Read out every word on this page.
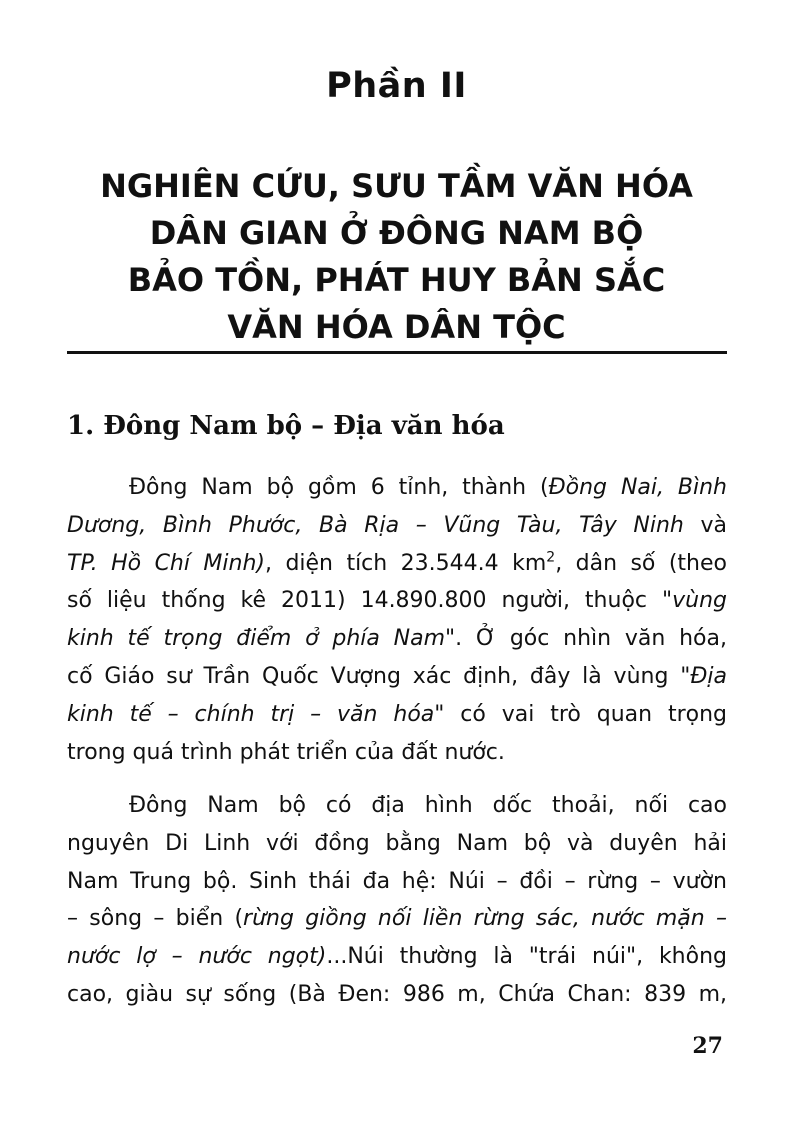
Phần II
NGHIÊN CỨU, SƯU TẦM VĂN HÓA
DÂN GIAN Ở ĐÔNG NAM BỘ
BẢO TỒN, PHÁT HUY BẢN SẮC
VĂN HÓA DÂN TỘC
1. Đông Nam bộ – Địa văn hóa
Đông Nam bộ gồm 6 tỉnh, thành (Đồng Nai, Bình
Dương, Bình Phước, Bà Rịa – Vũng Tàu, Tây Ninh và
TP. Hồ Chí Minh), diện tích 23.544.4 $km^2$, dân số (theo
số liệu thống kê 2011) 14.890.800 người, thuộc "vùng
kinh tế trọng điểm ở phía Nam". Ở góc nhìn văn hóa,
cố Giáo sư Trần Quốc Vượng xác định, đây là vùng "Địa
kinh tế – chính trị – văn hóa" có vai trò quan trọng
trong quá trình phát triển của đất nước.
Đông Nam bộ có địa hình dốc thoải, nối cao
nguyên Di Linh với đồng bằng Nam bộ và duyên hải
Nam Trung bộ. Sinh thái đa hệ: Núi – đồi – rừng – vườn
– sông – biển (rừng giồng nối liền rừng sác, nước mặn –
nước lợ – nước ngọt)...Núi thường là "trái núi", không
cao, giàu sự sống (Bà Đen: 986 m, Chứa Chan: 839 m,
27
